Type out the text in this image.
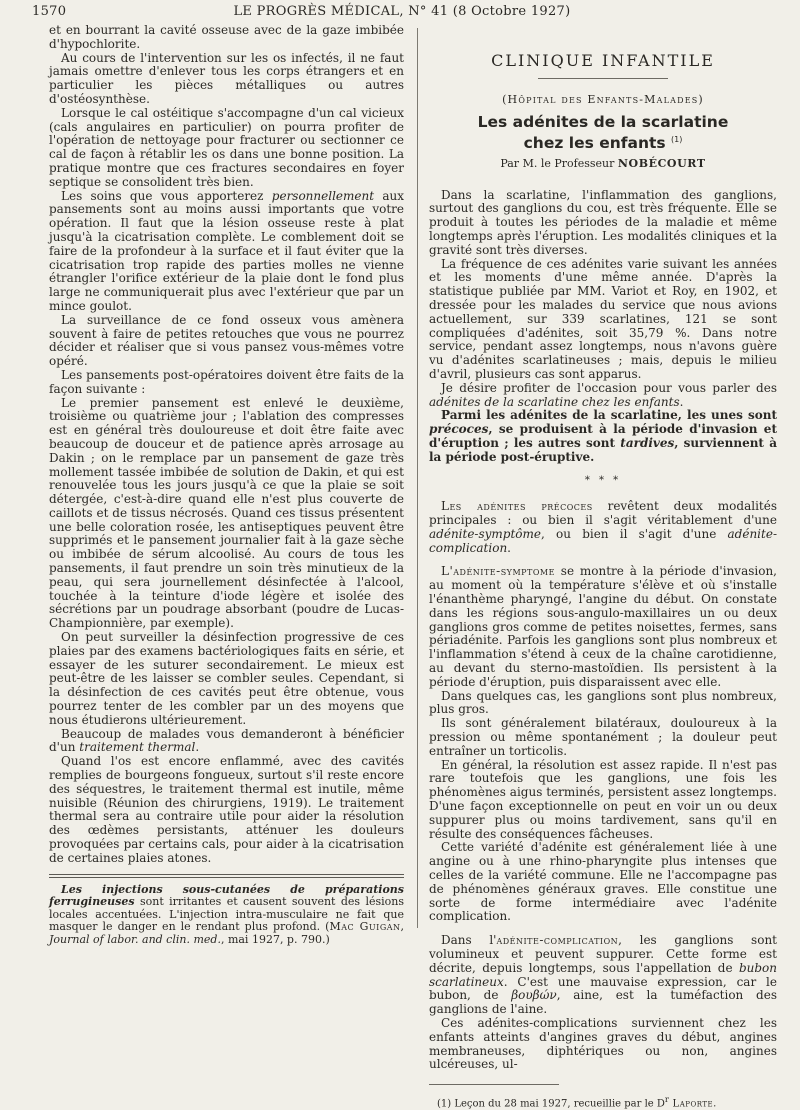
1570	LE PROGRÈS MÉDICAL, N° 41 (8 Octobre 1927)

et en bourrant la cavité osseuse avec de la gaze imbibée d'hypochlorite.

Au cours de l'intervention sur les os infectés, il ne faut jamais omettre d'enlever tous les corps étrangers et en particulier les pièces métalliques ou autres d'ostéosynthèse.

Lorsque le cal ostéitique s'accompagne d'un cal vicieux (cals angulaires en particulier) on pourra profiter de l'opération de nettoyage pour fracturer ou sectionner ce cal de façon à rétablir les os dans une bonne position. La pratique montre que ces fractures secondaires en foyer septique se consolident très bien.

Les soins que vous apporterez personnellement aux pansements sont au moins aussi importants que votre opération. Il faut que la lésion osseuse reste à plat jusqu'à la cicatrisation complète. Le comblement doit se faire de la profondeur à la surface et il faut éviter que la cicatrisation trop rapide des parties molles ne vienne étrangler l'orifice extérieur de la plaie dont le fond plus large ne communiquerait plus avec l'extérieur que par un mince goulot.

La surveillance de ce fond osseux vous amènera souvent à faire de petites retouches que vous ne pourrez décider et réaliser que si vous pansez vous-mêmes votre opéré.

Les pansements post-opératoires doivent être faits de la façon suivante :

Le premier pansement est enlevé le deuxième, troisième ou quatrième jour ; l'ablation des compresses est en général très douloureuse et doit être faite avec beaucoup de douceur et de patience après arrosage au Dakin ; on le remplace par un pansement de gaze très mollement tassée imbibée de solution de Dakin, et qui est renouvelée tous les jours jusqu'à ce que la plaie se soit détergée, c'est-à-dire quand elle n'est plus couverte de caillots et de tissus nécrosés. Quand ces tissus présentent une belle coloration rosée, les antiseptiques peuvent être supprimés et le pansement journalier fait à la gaze sèche ou imbibée de sérum alcoolisé. Au cours de tous les pansements, il faut prendre un soin très minutieux de la peau, qui sera journellement désinfectée à l'alcool, touchée à la teinture d'iode légère et isolée des sécrétions par un poudrage absorbant (poudre de Lucas-Championnière, par exemple).

On peut surveiller la désinfection progressive de ces plaies par des examens bactériologiques faits en série, et essayer de les suturer secondairement. Le mieux est peut-être de les laisser se combler seules. Cependant, si la désinfection de ces cavités peut être obtenue, vous pourrez tenter de les combler par un des moyens que nous étudierons ultérieurement.

Beaucoup de malades vous demanderont à bénéficier d'un traitement thermal.

Quand l'os est encore enflammé, avec des cavités remplies de bourgeons fongueux, surtout s'il reste encore des séquestres, le traitement thermal est inutile, même nuisible (Réunion des chirurgiens, 1919). Le traitement thermal sera au contraire utile pour aider la résolution des œdèmes persistants, atténuer les douleurs provoquées par certains cals, pour aider à la cicatrisation de certaines plaies atones.

Les injections sous-cutanées de préparations ferrugineuses sont irritantes et causent souvent des lésions locales accentuées. L'injection intra-musculaire ne fait que masquer le danger en le rendant plus profond. (Mac Guigan, Journal of labor. and clin. med., mai 1927, p. 790.)

CLINIQUE INFANTILE
(Hôpital des Enfants-Malades)
Les adénites de la scarlatine
chez les enfants $^{(1)}$
Par M. le Professeur NOBÉCOURT

Dans la scarlatine, l'inflammation des ganglions, surtout des ganglions du cou, est très fréquente. Elle se produit à toutes les périodes de la maladie et même longtemps après l'éruption. Les modalités cliniques et la gravité sont très diverses.

La fréquence de ces adénites varie suivant les années et les moments d'une même année. D'après la statistique publiée par MM. Variot et Roy, en 1902, et dressée pour les malades du service que nous avions actuellement, sur 339 scarlatines, 121 se sont compliquées d'adénites, soit 35,79 %. Dans notre service, pendant assez longtemps, nous n'avons guère vu d'adénites scarlatineuses ; mais, depuis le milieu d'avril, plusieurs cas sont apparus.

Je désire profiter de l'occasion pour vous parler des adénites de la scarlatine chez les enfants.

Parmi les adénites de la scarlatine, les unes sont précoces, se produisent à la période d'invasion et d'éruption ; les autres sont tardives, surviennent à la période post-éruptive.

* * *

Les adénites précoces revêtent deux modalités principales : ou bien il s'agit véritablement d'une adénite-symptôme, ou bien il s'agit d'une adénite-complication.

L'adénite-symptome se montre à la période d'invasion, au moment où la température s'élève et où s'installe l'énanthème pharyngé, l'angine du début. On constate dans les régions sous-angulo-maxillaires un ou deux ganglions gros comme de petites noisettes, fermes, sans périadénite. Parfois les ganglions sont plus nombreux et l'inflammation s'étend à ceux de la chaîne carotidienne, au devant du sterno-mastoïdien. Ils persistent à la période d'éruption, puis disparaissent avec elle.

Dans quelques cas, les ganglions sont plus nombreux, plus gros.

Ils sont généralement bilatéraux, douloureux à la pression ou même spontanément ; la douleur peut entraîner un torticolis.

En général, la résolution est assez rapide. Il n'est pas rare toutefois que les ganglions, une fois les phénomènes aigus terminés, persistent assez longtemps. D'une façon exceptionnelle on peut en voir un ou deux suppurer plus ou moins tardivement, sans qu'il en résulte des conséquences fâcheuses.

Cette variété d'adénite est généralement liée à une angine ou à une rhino-pharyngite plus intenses que celles de la variété commune. Elle ne l'accompagne pas de phénomènes généraux graves. Elle constitue une sorte de forme intermédiaire avec l'adénite complication.

Dans l'adénite-complication, les ganglions sont volumineux et peuvent suppurer. Cette forme est décrite, depuis longtemps, sous l'appellation de bubon scarlatineux. C'est une mauvaise expression, car le bubon, de βουβών, aine, est la tuméfaction des ganglions de l'aine.

Ces adénites-complications surviennent chez les enfants atteints d'angines graves du début, angines membraneuses, diphtériques ou non, angines ulcéreuses, ul-

(1) Leçon du 28 mai 1927, recueillie par le $D^r$ Laporte.
